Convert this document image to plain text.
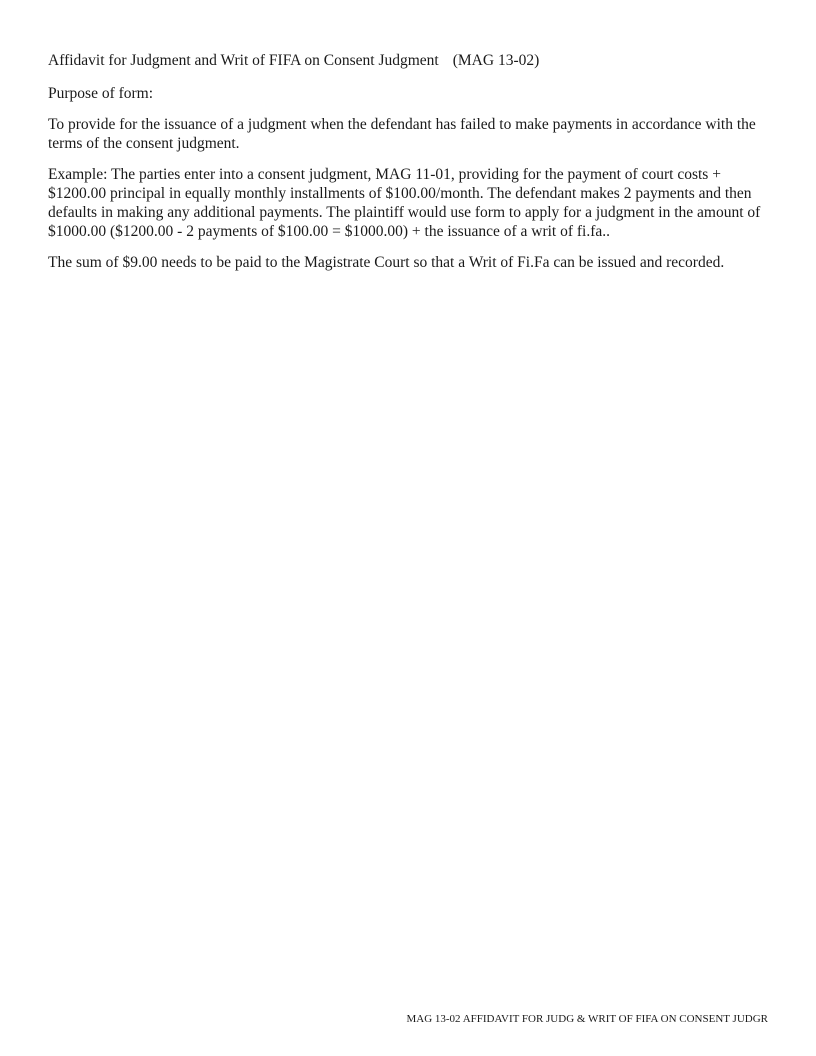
Affidavit for Judgment and Writ of FIFA on Consent Judgment (MAG 13-02)

Purpose of form:

To provide for the issuance of a judgment when the defendant has failed to make payments in accordance with the terms of the consent judgment.

Example: The parties enter into a consent judgment, MAG 11-01, providing for the payment of court costs + $1200.00 principal in equally monthly installments of $100.00/month. The defendant makes 2 payments and then defaults in making any additional payments. The plaintiff would use form to apply for a judgment in the amount of $1000.00 ($1200.00 - 2 payments of $100.00 = $1000.00) + the issuance of a writ of fi.fa..

The sum of $9.00 needs to be paid to the Magistrate Court so that a Writ of Fi.Fa can be issued and recorded.

MAG 13-02 AFFIDAVIT FOR JUDG & WRIT OF FIFA ON CONSENT JUDGR
